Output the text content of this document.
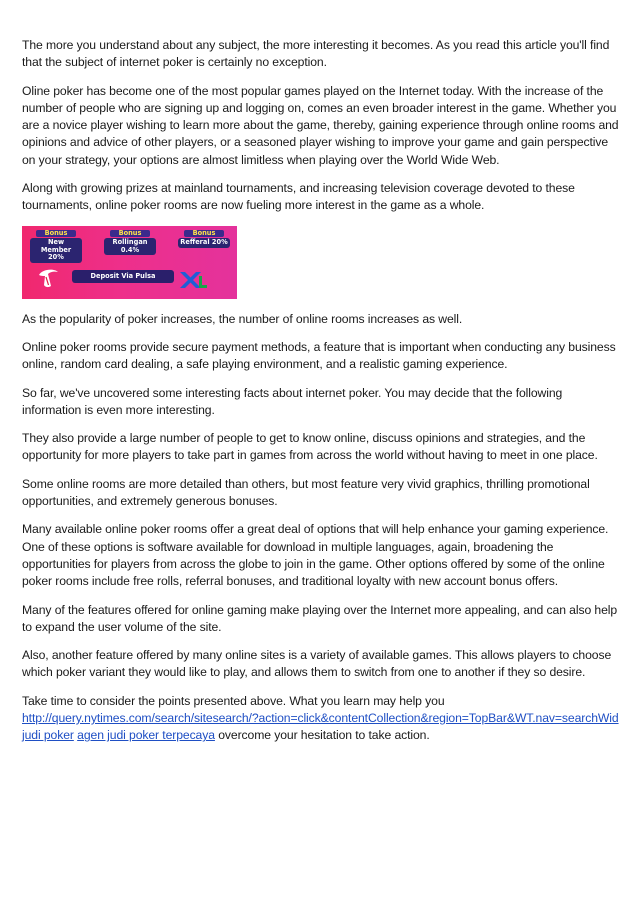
The more you understand about any subject, the more interesting it becomes. As you read this article you'll find that the subject of internet poker is certainly no exception.

Oline poker has become one of the most popular games played on the Internet today. With the increase of the number of people who are signing up and logging on, comes an even broader interest in the game. Whether you are a novice player wishing to learn more about the game, thereby, gaining experience through online rooms and opinions and advice of other players, or a seasoned player wishing to improve your game and gain perspective on your strategy, your options are almost limitless when playing over the World Wide Web.

Along with growing prizes at mainland tournaments, and increasing television coverage devoted to these tournaments, online poker rooms are now fueling more interest in the game as a whole.

Bonus
New Member 20%
Bonus
Rollingan 0.4%
Bonus
Refferal 20%
Deposit Via Pulsa

As the popularity of poker increases, the number of online rooms increases as well.

Online poker rooms provide secure payment methods, a feature that is important when conducting any business online, random card dealing, a safe playing environment, and a realistic gaming experience.

So far, we've uncovered some interesting facts about internet poker. You may decide that the following information is even more interesting.

They also provide a large number of people to get to know online, discuss opinions and strategies, and the opportunity for more players to take part in games from across the world without having to meet in one place.

Some online rooms are more detailed than others, but most feature very vivid graphics, thrilling promotional opportunities, and extremely generous bonuses.

Many available online poker rooms offer a great deal of options that will help enhance your gaming experience. One of these options is software available for download in multiple languages, again, broadening the opportunities for players from across the globe to join in the game. Other options offered by some of the online poker rooms include free rolls, referral bonuses, and traditional loyalty with new account bonus offers.

Many of the features offered for online gaming make playing over the Internet more appealing, and can also help to expand the user volume of the site.

Also, another feature offered by many online sites is a variety of available games. This allows players to choose which poker variant they would like to play, and allows them to switch from one to another if they so desire.

Take time to consider the points presented above. What you learn may help you
http://query.nytimes.com/search/sitesearch/?action=click&contentCollection&region=TopBar&WT.nav=searchWid
judi poker agen judi poker terpecaya overcome your hesitation to take action.
